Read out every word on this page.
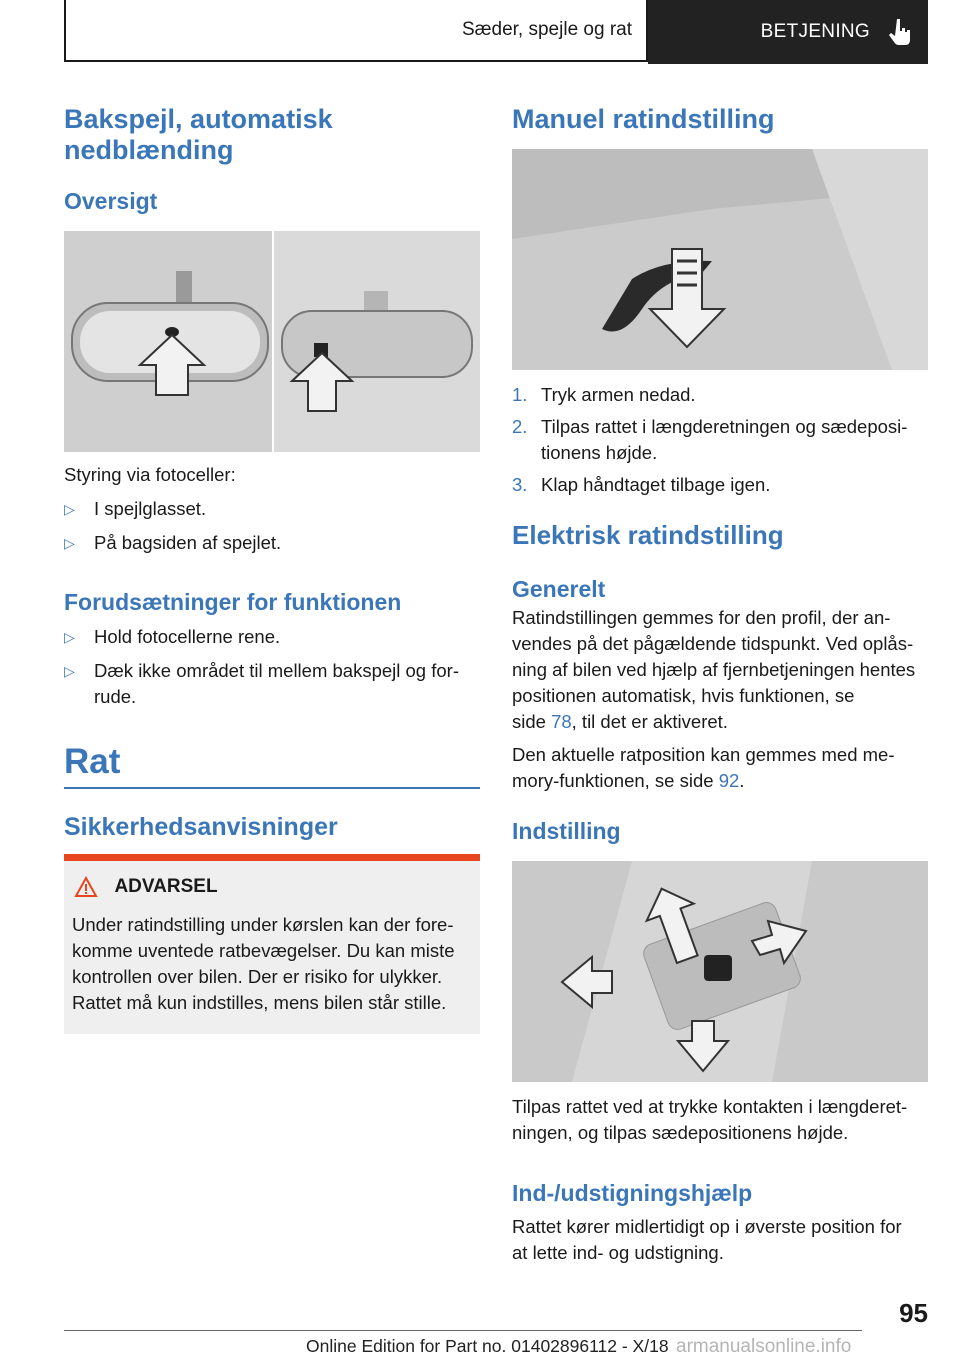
Sæder, spejle og rat	BETJENING
Bakspejl, automatisk
nedblænding
Oversigt
Styring via fotoceller:
▷ I spejlglasset.
▷ På bagsiden af spejlet.
Forudsætninger for funktionen
▷ Hold fotocellerne rene.
▷ Dæk ikke området til mellem bakspejl og for-
rude.
Rat
Sikkerhedsanvisninger
ADVARSEL
Under ratindstilling under kørslen kan der fore-
komme uventede ratbevægelser. Du kan miste
kontrollen over bilen. Der er risiko for ulykker.
Rattet må kun indstilles, mens bilen står stille.
Manuel ratindstilling
1. Tryk armen nedad.
2. Tilpas rattet i længderetningen og sædeposi-
tionens højde.
3. Klap håndtaget tilbage igen.
Elektrisk ratindstilling
Generelt
Ratindstillingen gemmes for den profil, der an-
vendes på det pågældende tidspunkt. Ved oplås-
ning af bilen ved hjælp af fjernbetjeningen hentes
positionen automatisk, hvis funktionen, se
side 78, til det er aktiveret.
Den aktuelle ratposition kan gemmes med me-
mory-funktionen, se side 92.
Indstilling
Tilpas rattet ved at trykke kontakten i længderet-
ningen, og tilpas sædepositionens højde.
Ind-/udstigningshjælp
Rattet kører midlertidigt op i øverste position for
at lette ind- og udstigning.
95
Online Edition for Part no. 01402896112 - X/18 armanualsonline.info
